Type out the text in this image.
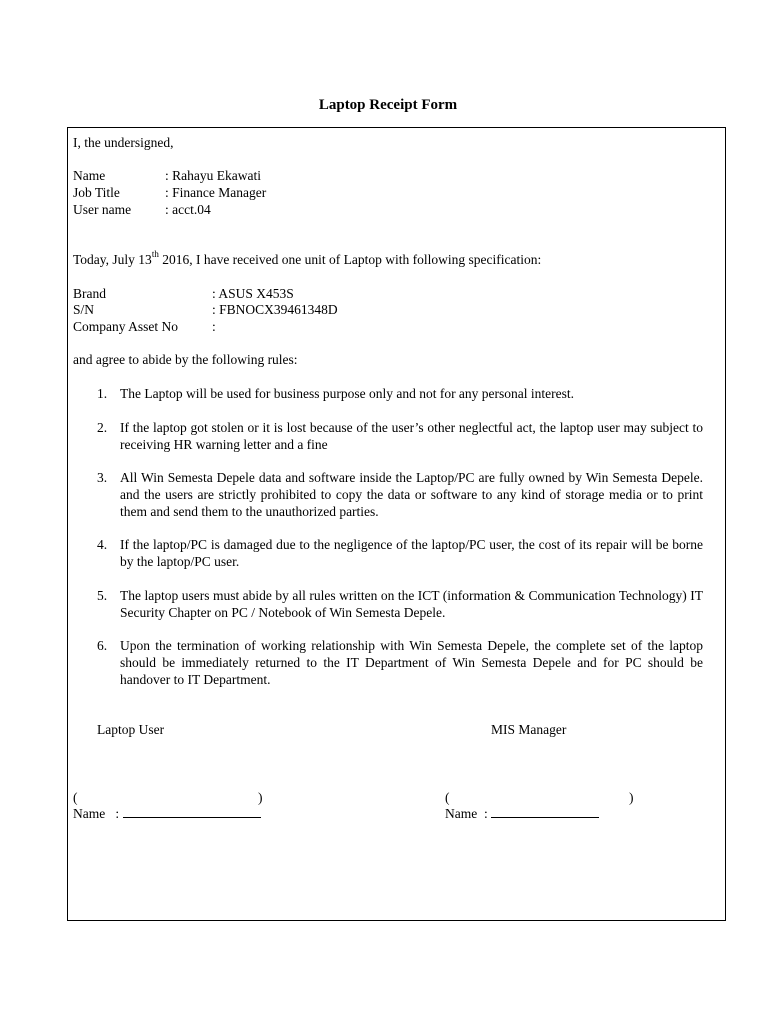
Laptop Receipt Form
I, the undersigned,
Name	: Rahayu Ekawati
Job Title	: Finance Manager
User name	: acct.04
Today, July 13th 2016, I have received one unit of Laptop with following specification:
Brand	: ASUS X453S
S/N	: FBNOCX39461348D
Company Asset No	:
and agree to abide by the following rules:
1. The Laptop will be used for business purpose only and not for any personal interest.
2. If the laptop got stolen or it is lost because of the user’s other neglectful act, the laptop user may subject to receiving HR warning letter and a fine
3. All Win Semesta Depele data and software inside the Laptop/PC are fully owned by Win Semesta Depele. and the users are strictly prohibited to copy the data or software to any kind of storage media or to print them and send them to the unauthorized parties.
4. If the laptop/PC is damaged due to the negligence of the laptop/PC user, the cost of its repair will be borne by the laptop/PC user.
5. The laptop users must abide by all rules written on the ICT (information & Communication Technology) IT Security Chapter on PC / Notebook of Win Semesta Depele.
6. Upon the termination of working relationship with Win Semesta Depele, the complete set of the laptop should be immediately returned to the IT Department of Win Semesta Depele and for PC should be handover to IT Department.
Laptop User	MIS Manager
(	)	(	)
Name :	Name :
